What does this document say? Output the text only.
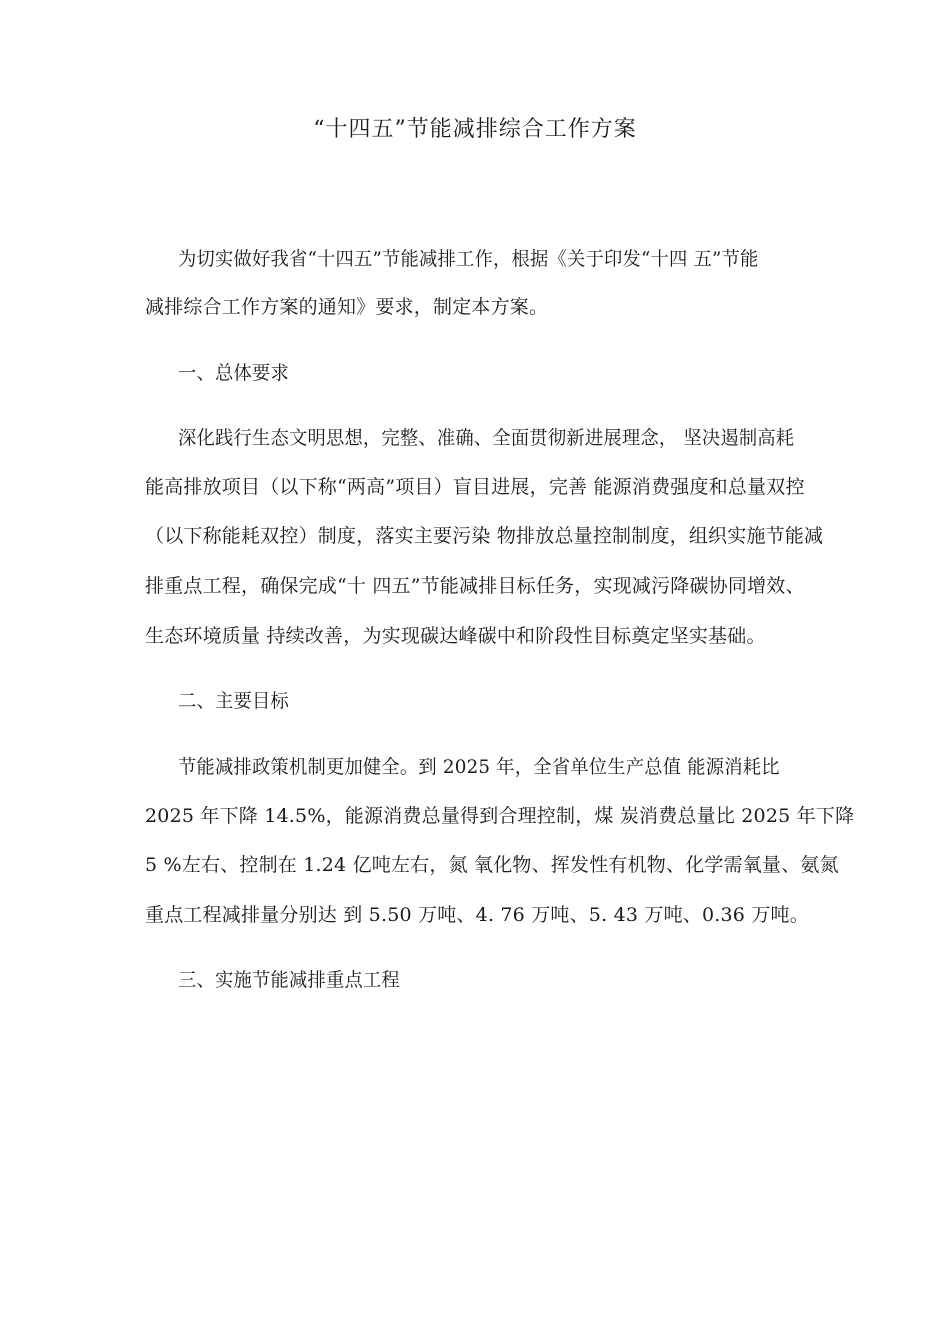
“十四五”节能减排综合工作方案
为切实做好我省“十四五”节能减排工作，根据《关于印发“十四 五”节能
减排综合工作方案的通知》要求，制定本方案。
一、总体要求
深化践行生态文明思想，完整、准确、全面贯彻新进展理念， 坚决遏制高耗
能高排放项目（以下称“两高”项目）盲目进展，完善 能源消费强度和总量双控
（以下称能耗双控）制度，落实主要污染 物排放总量控制制度，组织实施节能减
排重点工程，确保完成“十 四五”节能减排目标任务，实现减污降碳协同增效、
生态环境质量 持续改善，为实现碳达峰碳中和阶段性目标奠定坚实基础。
二、主要目标
节能减排政策机制更加健全。到 2025 年，全省单位生产总值 能源消耗比
2025 年下降 14.5%，能源消费总量得到合理控制，煤 炭消费总量比 2025 年下降
5 %左右、控制在 1.24 亿吨左右，氮 氧化物、挥发性有机物、化学需氧量、氨氮
重点工程减排量分别达 到 5.50 万吨、4. 76 万吨、5. 43 万吨、0.36 万吨。
三、实施节能减排重点工程
